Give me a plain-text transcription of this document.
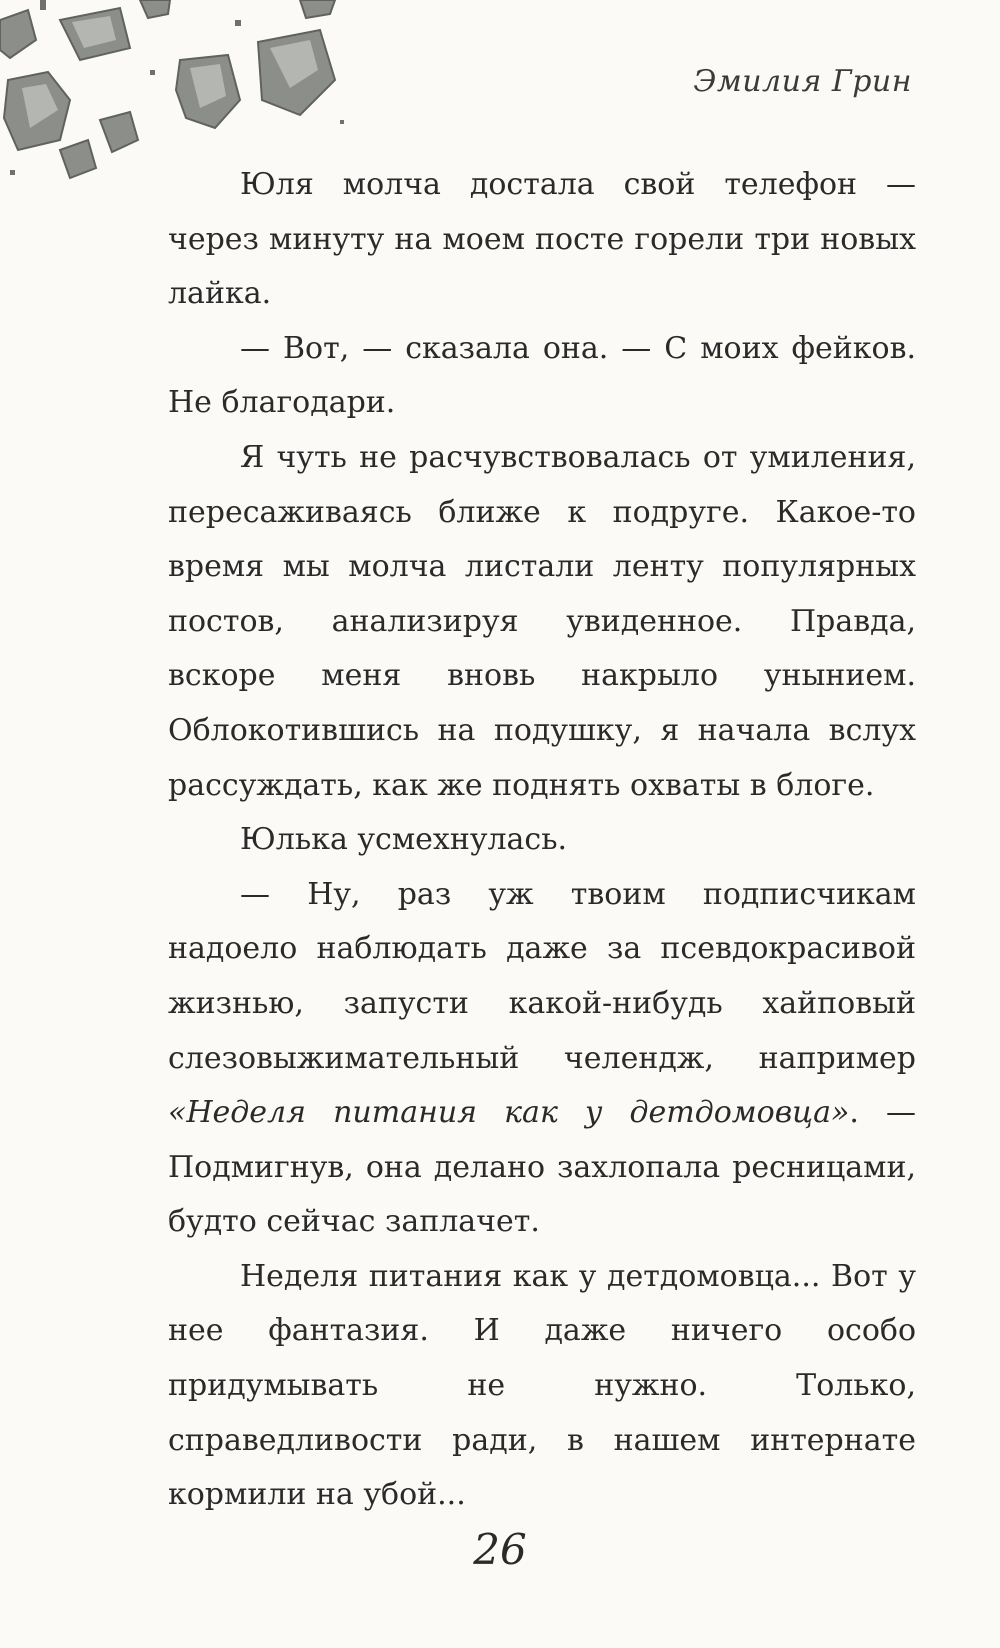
Эмилия Грин

Юля молча достала свой телефон — через минуту на моем посте горели три новых лайка.

— Вот, — сказала она. — С моих фейков. Не благодари.

Я чуть не расчувствовалась от умиления, пересаживаясь ближе к подруге. Какое-то время мы молча листали ленту популярных постов, анализируя увиденное. Правда, вскоре меня вновь накрыло унынием. Облокотившись на подушку, я начала вслух рассуждать, как же поднять охваты в блоге.

Юлька усмехнулась.

— Ну, раз уж твоим подписчикам надоело наблюдать даже за псевдокрасивой жизнью, запусти какой-нибудь хайповый слезовыжимательный челендж, например «Неделя питания как у детдомовца». — Подмигнув, она делано захлопала ресницами, будто сейчас заплачет.

Неделя питания как у детдомовца... Вот у нее фантазия. И даже ничего особо придумывать не нужно. Только, справедливости ради, в нашем интернате кормили на убой...

26
